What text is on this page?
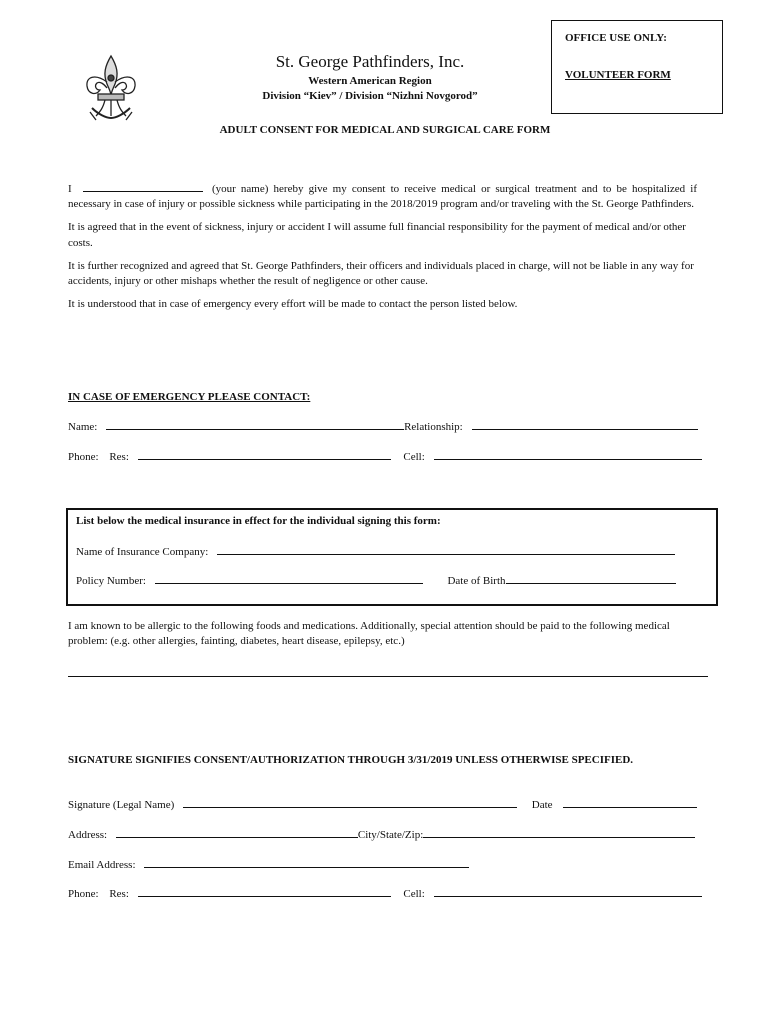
St. George Pathfinders, Inc.
Western American Region
Division “Kiev” / Division “Nizhni Novgorod”
OFFICE USE ONLY:
VOLUNTEER FORM
ADULT CONSENT FOR MEDICAL AND SURGICAL CARE FORM

I	(your name) hereby give my consent to receive medical or surgical treatment and to be hospitalized if necessary in case of injury or possible sickness while participating in the 2018/2019 program and/or traveling with the St. George Pathfinders.

It is agreed that in the event of sickness, injury or accident I will assume full financial responsibility for the payment of medical and/or other costs.

It is further recognized and agreed that St. George Pathfinders, their officers and individuals placed in charge, will not be liable in any way for accidents, injury or other mishaps whether the result of negligence or other cause.

It is understood that in case of emergency every effort will be made to contact the person listed below.

IN CASE OF EMERGENCY PLEASE CONTACT:
Name:	Relationship:
Phone: Res:	Cell:
List below the medical insurance in effect for the individual signing this form:
Name of Insurance Company:
Policy Number:	Date of Birth
I am known to be allergic to the following foods and medications. Additionally, special attention should be paid to the following medical problem: (e.g. other allergies, fainting, diabetes, heart disease, epilepsy, etc.)
SIGNATURE SIGNIFIES CONSENT/AUTHORIZATION THROUGH 3/31/2019 UNLESS OTHERWISE SPECIFIED.
Signature (Legal Name)	Date
Address:	City/State/Zip:
Email Address:
Phone: Res:	Cell:
